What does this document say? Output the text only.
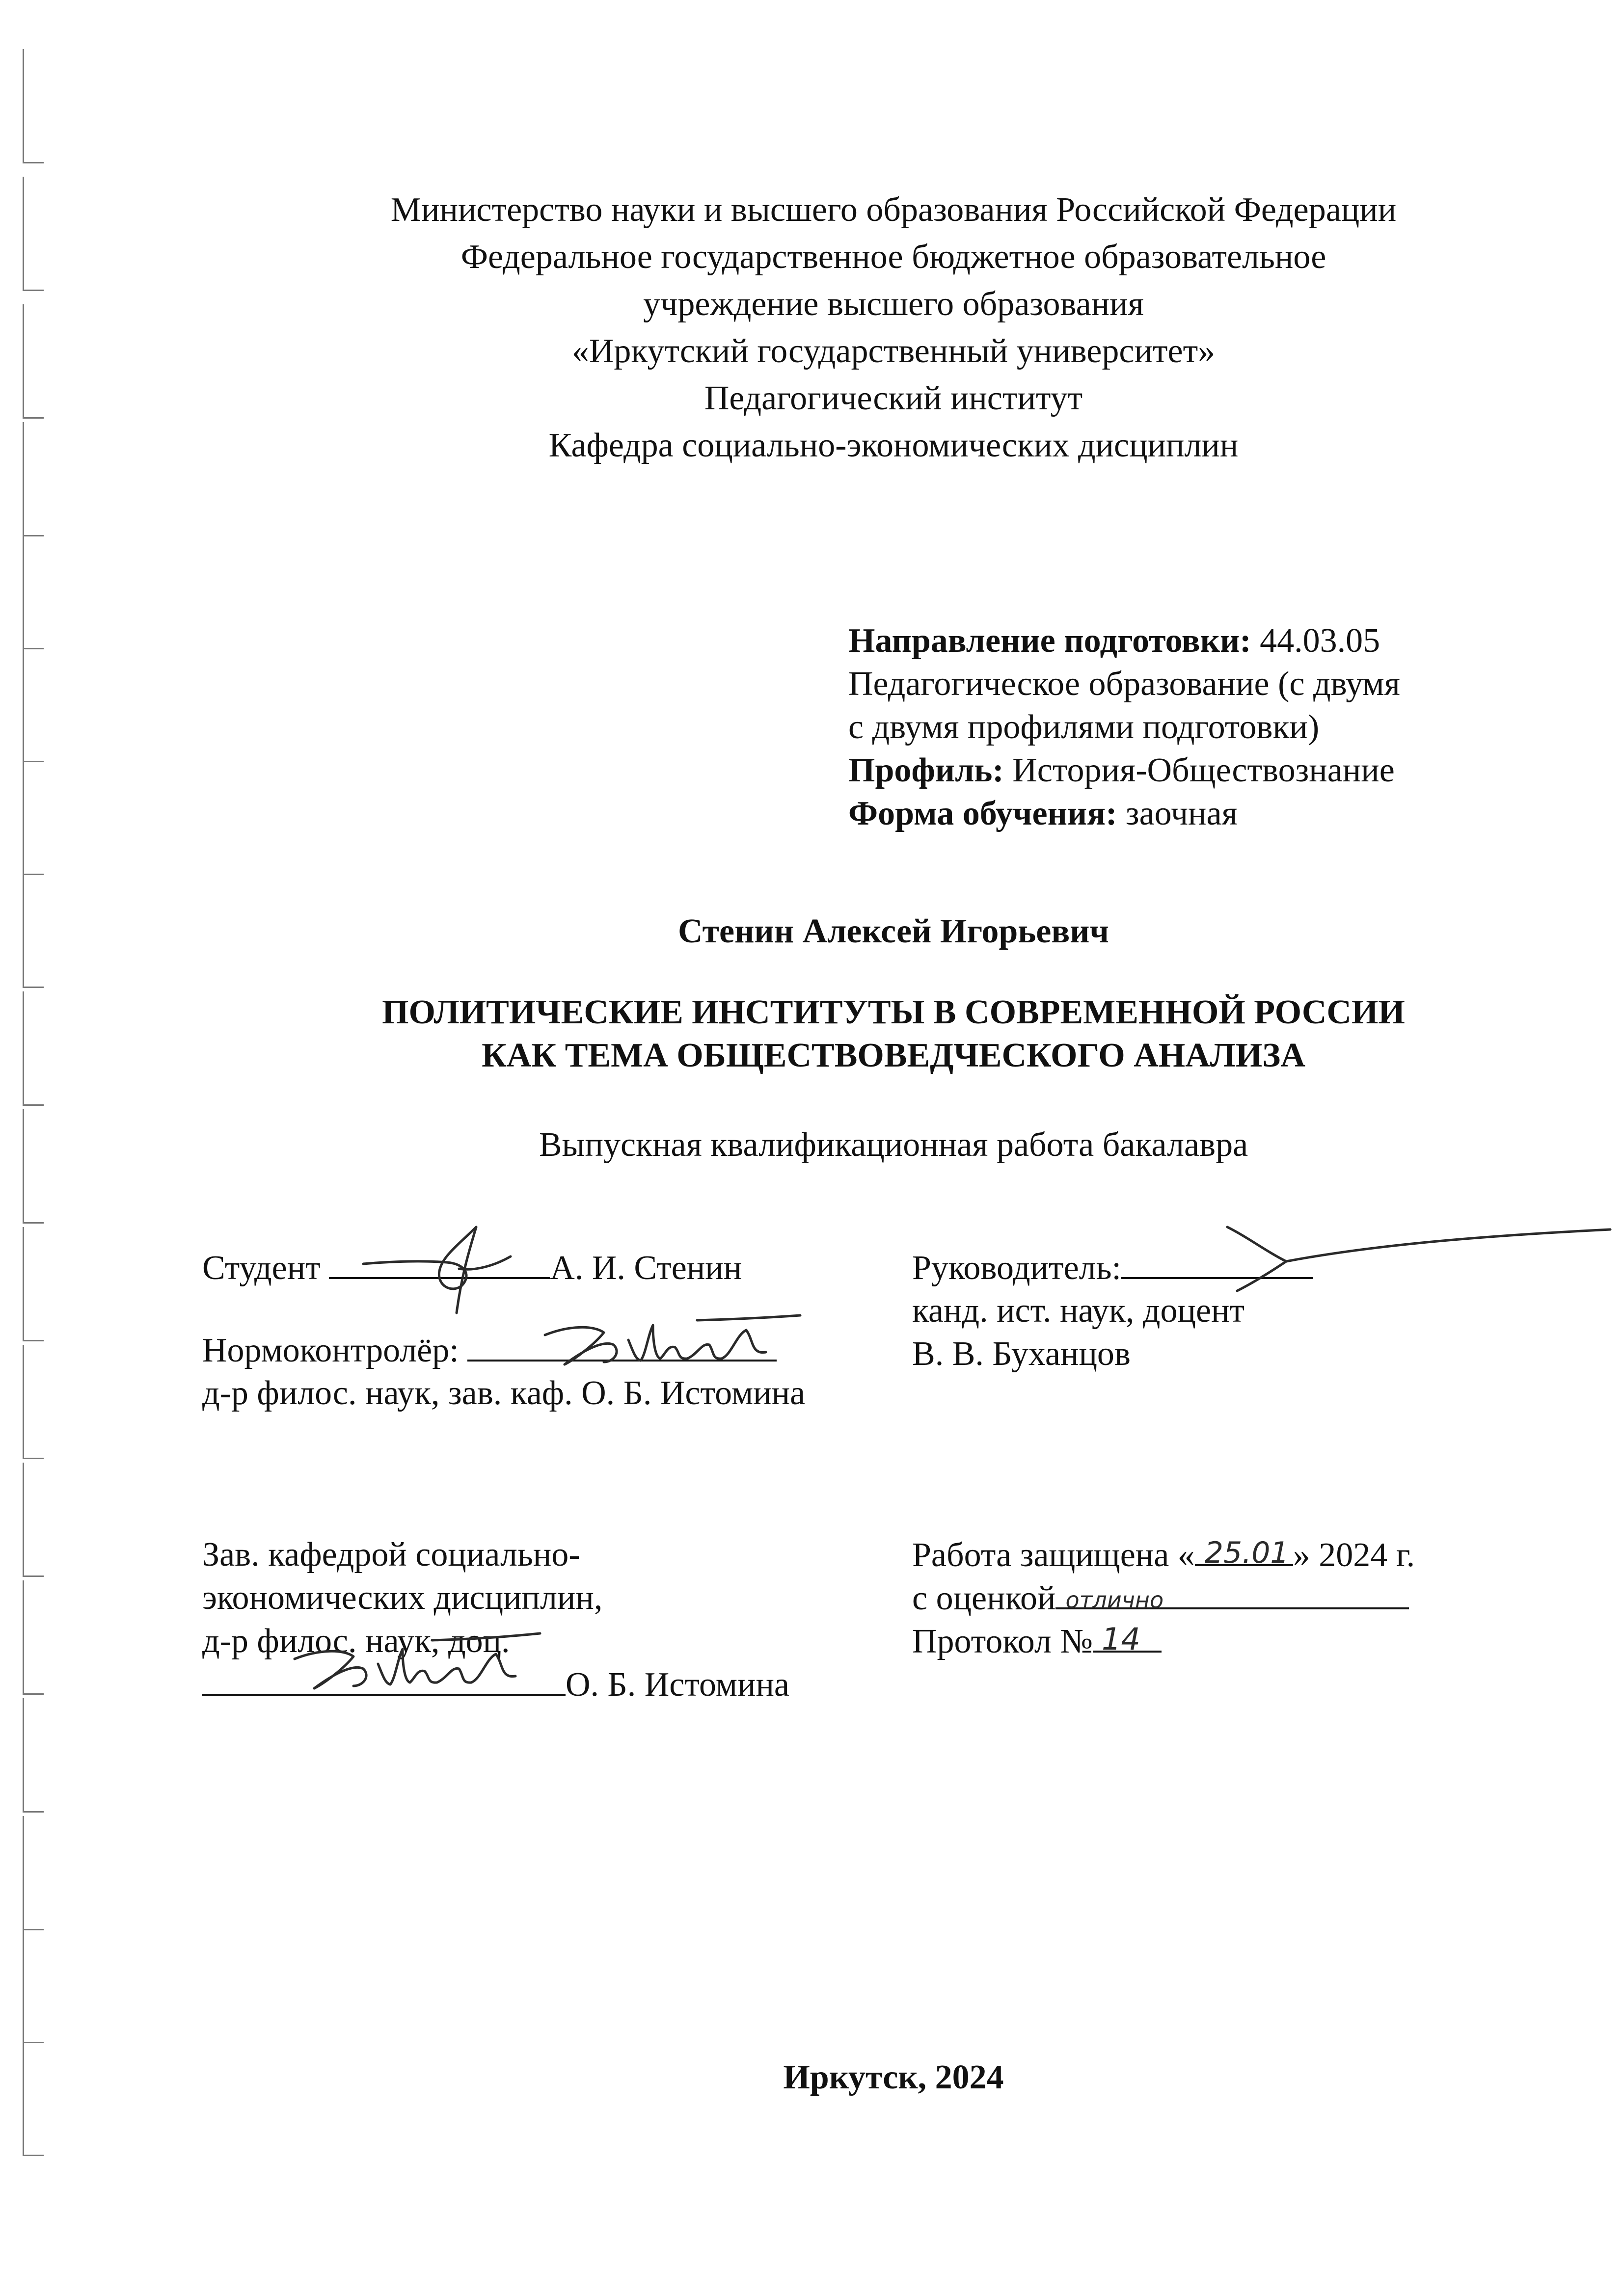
Министерство науки и высшего образования Российской Федерации
Федеральное государственное бюджетное образовательное
учреждение высшего образования
«Иркутский государственный университет»
Педагогический институт
Кафедра социально-экономических дисциплин
Направление подготовки: 44.03.05
Педагогическое образование (с двумя
с двумя профилями подготовки)
Профиль: История-Обществознание
Форма обучения: заочная
Стенин Алексей Игорьевич
ПОЛИТИЧЕСКИЕ ИНСТИТУТЫ В СОВРЕМЕННОЙ РОССИИ
КАК ТЕМА ОБЩЕСТВОВЕДЧЕСКОГО АНАЛИЗА
Выпускная квалификационная работа бакалавра
Студент	А. И. Стенин
Нормоконтролёр:
д-р филос. наук, зав. каф. О. Б. Истомина
Руководитель:
канд. ист. наук, доцент
В. В. Буханцов
Зав. кафедрой социально-
экономических дисциплин,
д-р филос. наук, доц.
О. Б. Истомина
Работа защищена « 25.01 » 2024 г.
с оценкой отлично
Протокол № 14
Иркутск, 2024
